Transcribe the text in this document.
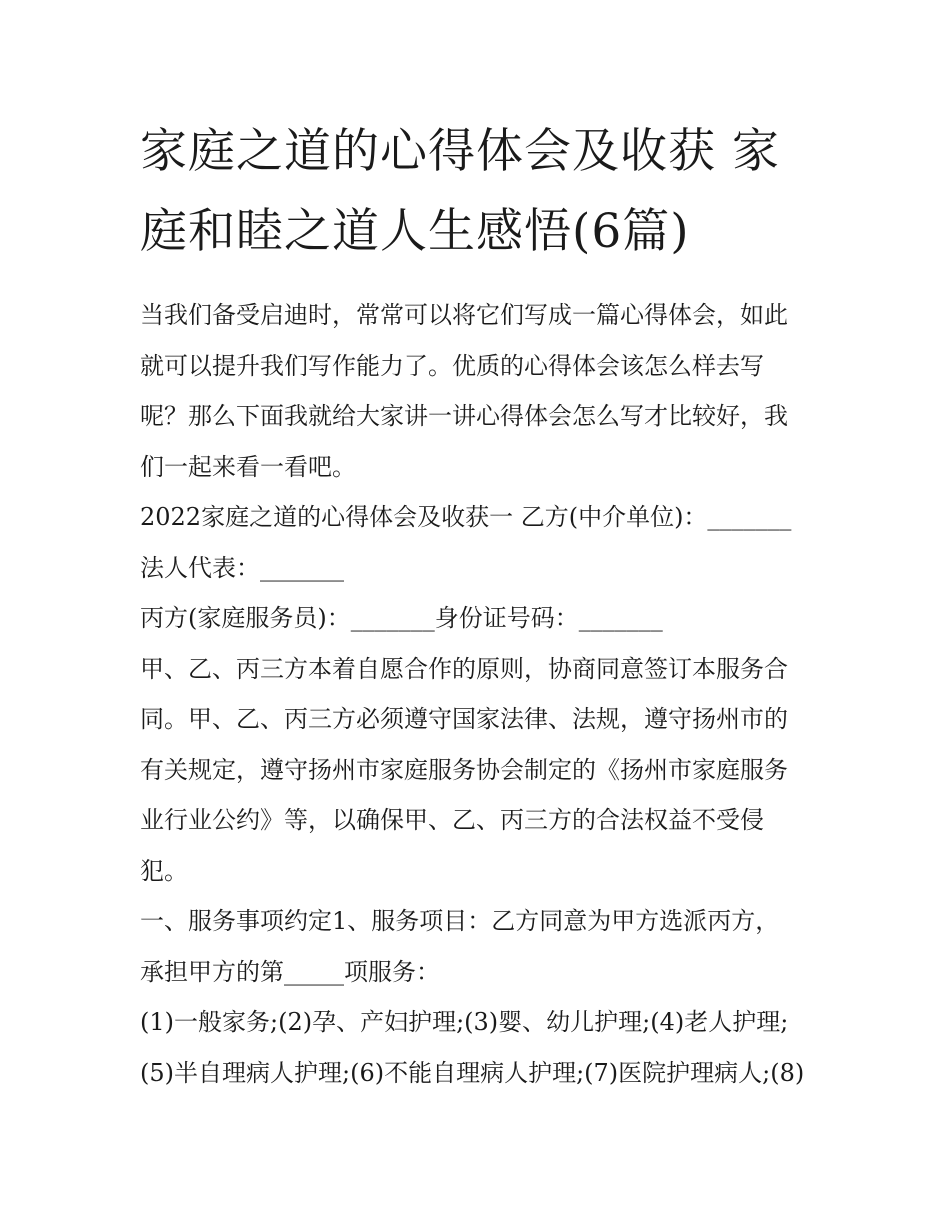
家庭之道的心得体会及收获 家
庭和睦之道人生感悟(6篇)

当我们备受启迪时，常常可以将它们写成一篇心得体会，如此
就可以提升我们写作能力了。优质的心得体会该怎么样去写
呢？那么下面我就给大家讲一讲心得体会怎么写才比较好，我
们一起来看一看吧。

2022家庭之道的心得体会及收获一 乙方(中介单位)：_______

法人代表：_______

丙方(家庭服务员)：_______身份证号码：_______

甲、乙、丙三方本着自愿合作的原则，协商同意签订本服务合
同。甲、乙、丙三方必须遵守国家法律、法规，遵守扬州市的
有关规定，遵守扬州市家庭服务协会制定的《扬州市家庭服务
业行业公约》等，以确保甲、乙、丙三方的合法权益不受侵
犯。

一、服务事项约定1、服务项目：乙方同意为甲方选派丙方，
承担甲方的第_____项服务：

(1)一般家务;(2)孕、产妇护理;(3)婴、幼儿护理;(4)老人护理;
(5)半自理病人护理;(6)不能自理病人护理;(7)医院护理病人;(8)
